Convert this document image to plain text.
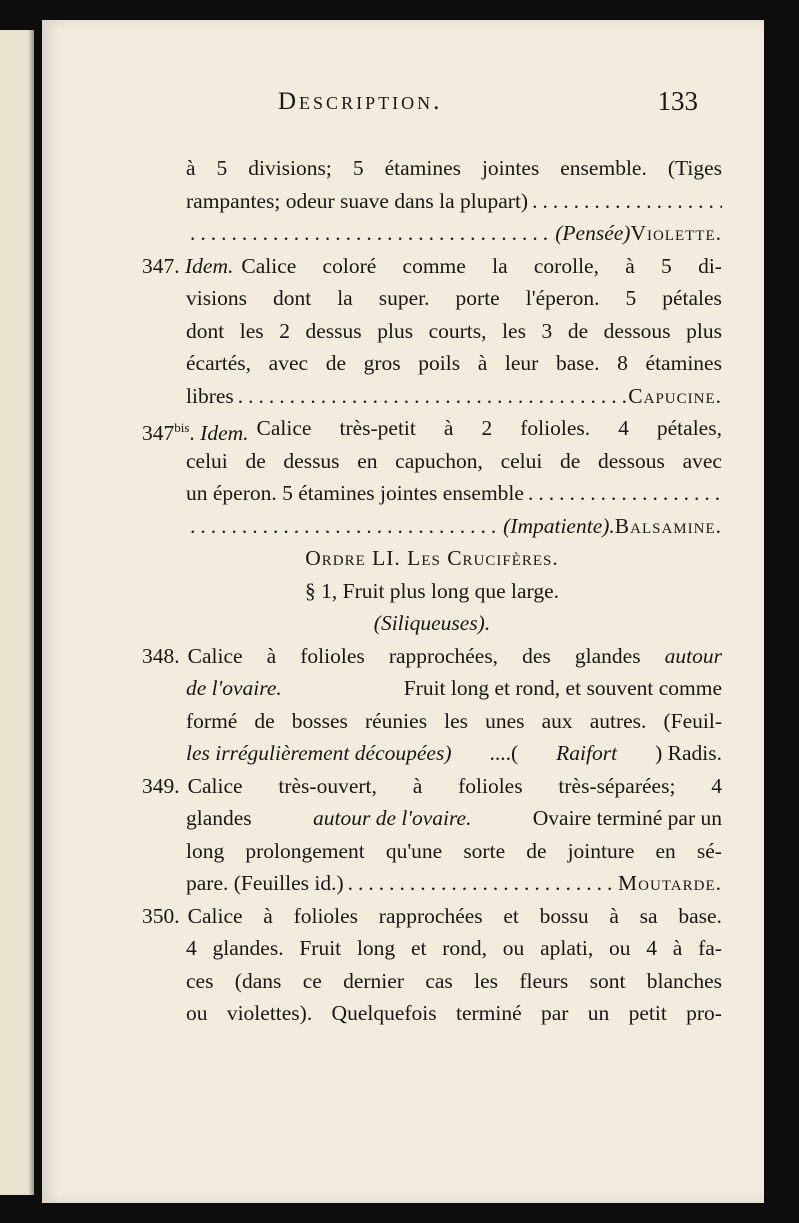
Description.	133
à 5 divisions; 5 étamines jointes ensemble. (Tiges
rampantes; odeur suave dans la plupart)
.....
.....
(Pensée) Violette.
347. Idem. Calice coloré comme la corolle, à 5 di-
visions dont la super. porte l'éperon. 5 pétales
dont les 2 dessus plus courts, les 3 de dessous plus
écartés, avec de gros poils à leur base. 8 étamines
libres .....	Capucine.
$347^{bis}$. Idem. Calice très-petit à 2 folioles. 4 pétales,
celui de dessus en capuchon, celui de dessous avec
un éperon. 5 étamines jointes ensemble
.....
.....
(Impatiente). Balsamine.
Ordre LI. Les Crucifères.
§ 1, Fruit plus long que large.
(Siliqueuses).
348. Calice à folioles rapprochées, des glandes autour
de l'ovaire.	Fruit long et rond, et souvent comme
formé de bosses réunies les unes aux autres. (Feuil-
les irrégulièrement découpées) ....( Raifort ) Radis.
349. Calice très-ouvert, à folioles très-séparées; 4
glandes	autour de l'ovaire.	Ovaire terminé par un
long prolongement qu'une sorte de jointure en sé-
pare. (Feuilles id.) .....	Moutarde.
350. Calice à folioles rapprochées et bossu à sa base.
4 glandes. Fruit long et rond, ou aplati, ou 4 à fa-
ces (dans ce dernier cas les fleurs sont blanches
ou violettes). Quelquefois terminé par un petit pro-
